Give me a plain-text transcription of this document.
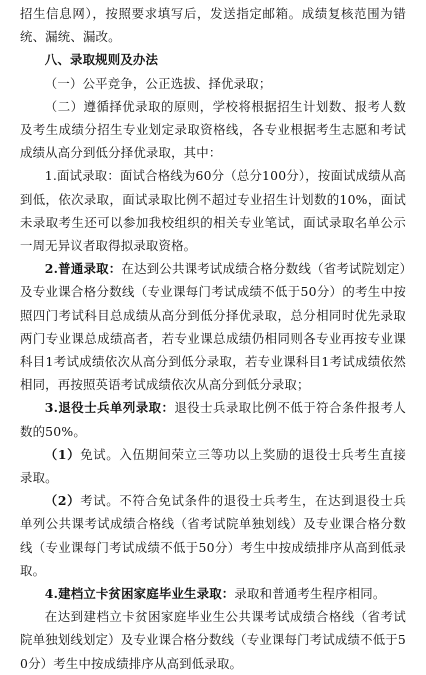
招生信息网），按照要求填写后，发送指定邮箱。成绩复核范围为错统、漏统、漏改。

八、录取规则及办法

（一）公平竞争，公正选拔、择优录取；

（二）遵循择优录取的原则，学校将根据招生计划数、报考人数及考生成绩分招生专业划定录取资格线，各专业根据考生志愿和考试成绩从高分到低分择优录取，其中：

1.面试录取：面试合格线为60分（总分100分），按面试成绩从高到低，依次录取，面试录取比例不超过专业招生计划数的10%，面试未录取考生还可以参加我校组织的相关专业笔试，面试录取名单公示一周无异议者取得拟录取资格。

2.普通录取：在达到公共课考试成绩合格分数线（省考试院划定）及专业课合格分数线（专业课每门考试成绩不低于50分）的考生中按照四门考试科目总成绩从高分到低分择优录取，总分相同时优先录取两门专业课总成绩高者，若专业课总成绩仍相同则各专业再按专业课科目1考试成绩依次从高分到低分录取，若专业课科目1考试成绩依然相同，再按照英语考试成绩依次从高分到低分录取；

3.退役士兵单列录取：退役士兵录取比例不低于符合条件报考人数的50%。

（1）免试。入伍期间荣立三等功以上奖励的退役士兵考生直接录取。

（2）考试。不符合免试条件的退役士兵考生，在达到退役士兵单列公共课考试成绩合格线（省考试院单独划线）及专业课合格分数线（专业课每门考试成绩不低于50分）考生中按成绩排序从高到低录取。

4.建档立卡贫困家庭毕业生录取：录取和普通考生程序相同。

在达到建档立卡贫困家庭毕业生公共课考试成绩合格线（省考试院单独划线划定）及专业课合格分数线（专业课每门考试成绩不低于50分）考生中按成绩排序从高到低录取。
